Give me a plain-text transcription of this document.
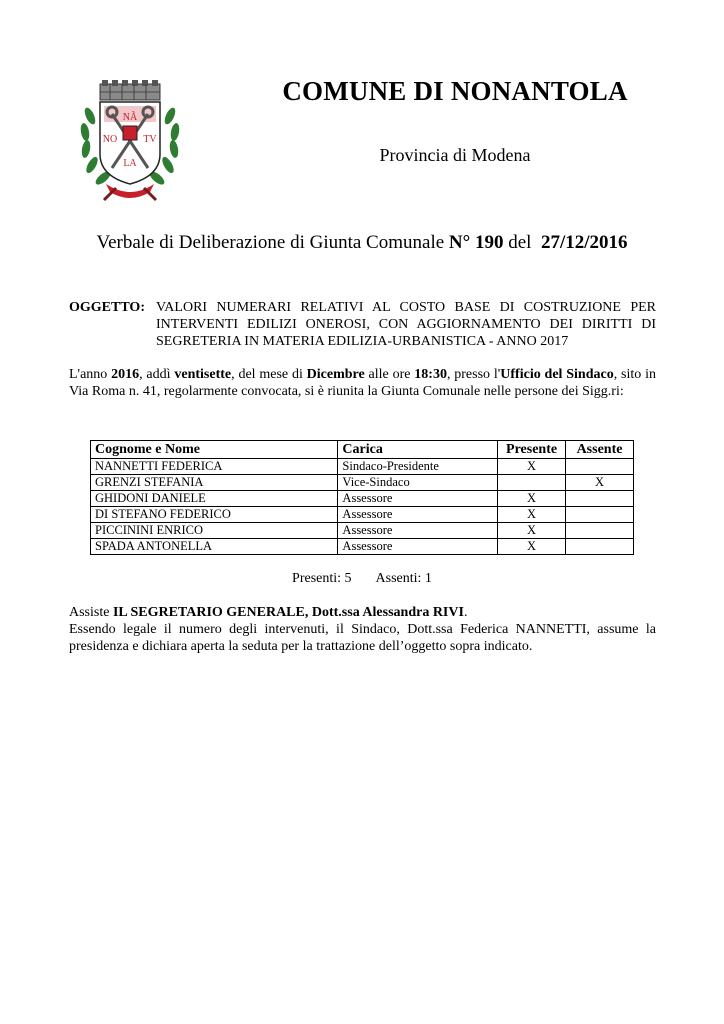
NÃ
NO	TV
LA
COMUNE DI NONANTOLA
Provincia di Modena
Verbale di Deliberazione di Giunta Comunale N° 190 del 27/12/2016
OGGETTO: VALORI NUMERARI RELATIVI AL COSTO BASE DI COSTRUZIONE PER INTERVENTI EDILIZI ONEROSI, CON AGGIORNAMENTO DEI DIRITTI DI SEGRETERIA IN MATERIA EDILIZIA-URBANISTICA - ANNO 2017
L'anno 2016, addì ventisette, del mese di Dicembre alle ore 18:30, presso l'Ufficio del Sindaco, sito in Via Roma n. 41, regolarmente convocata, si è riunita la Giunta Comunale nelle persone dei Sigg.ri:
Cognome e Nome	Carica	Presente	Assente
NANNETTI FEDERICA	Sindaco-Presidente	X	
GRENZI STEFANIA	Vice-Sindaco		X
GHIDONI DANIELE	Assessore	X	
DI STEFANO FEDERICO	Assessore	X	
PICCININI ENRICO	Assessore	X	
SPADA ANTONELLA	Assessore	X	
Presenti: 5 Assenti: 1
Assiste IL SEGRETARIO GENERALE, Dott.ssa Alessandra RIVI.
Essendo legale il numero degli intervenuti, il Sindaco, Dott.ssa Federica NANNETTI, assume la presidenza e dichiara aperta la seduta per la trattazione dell’oggetto sopra indicato.
